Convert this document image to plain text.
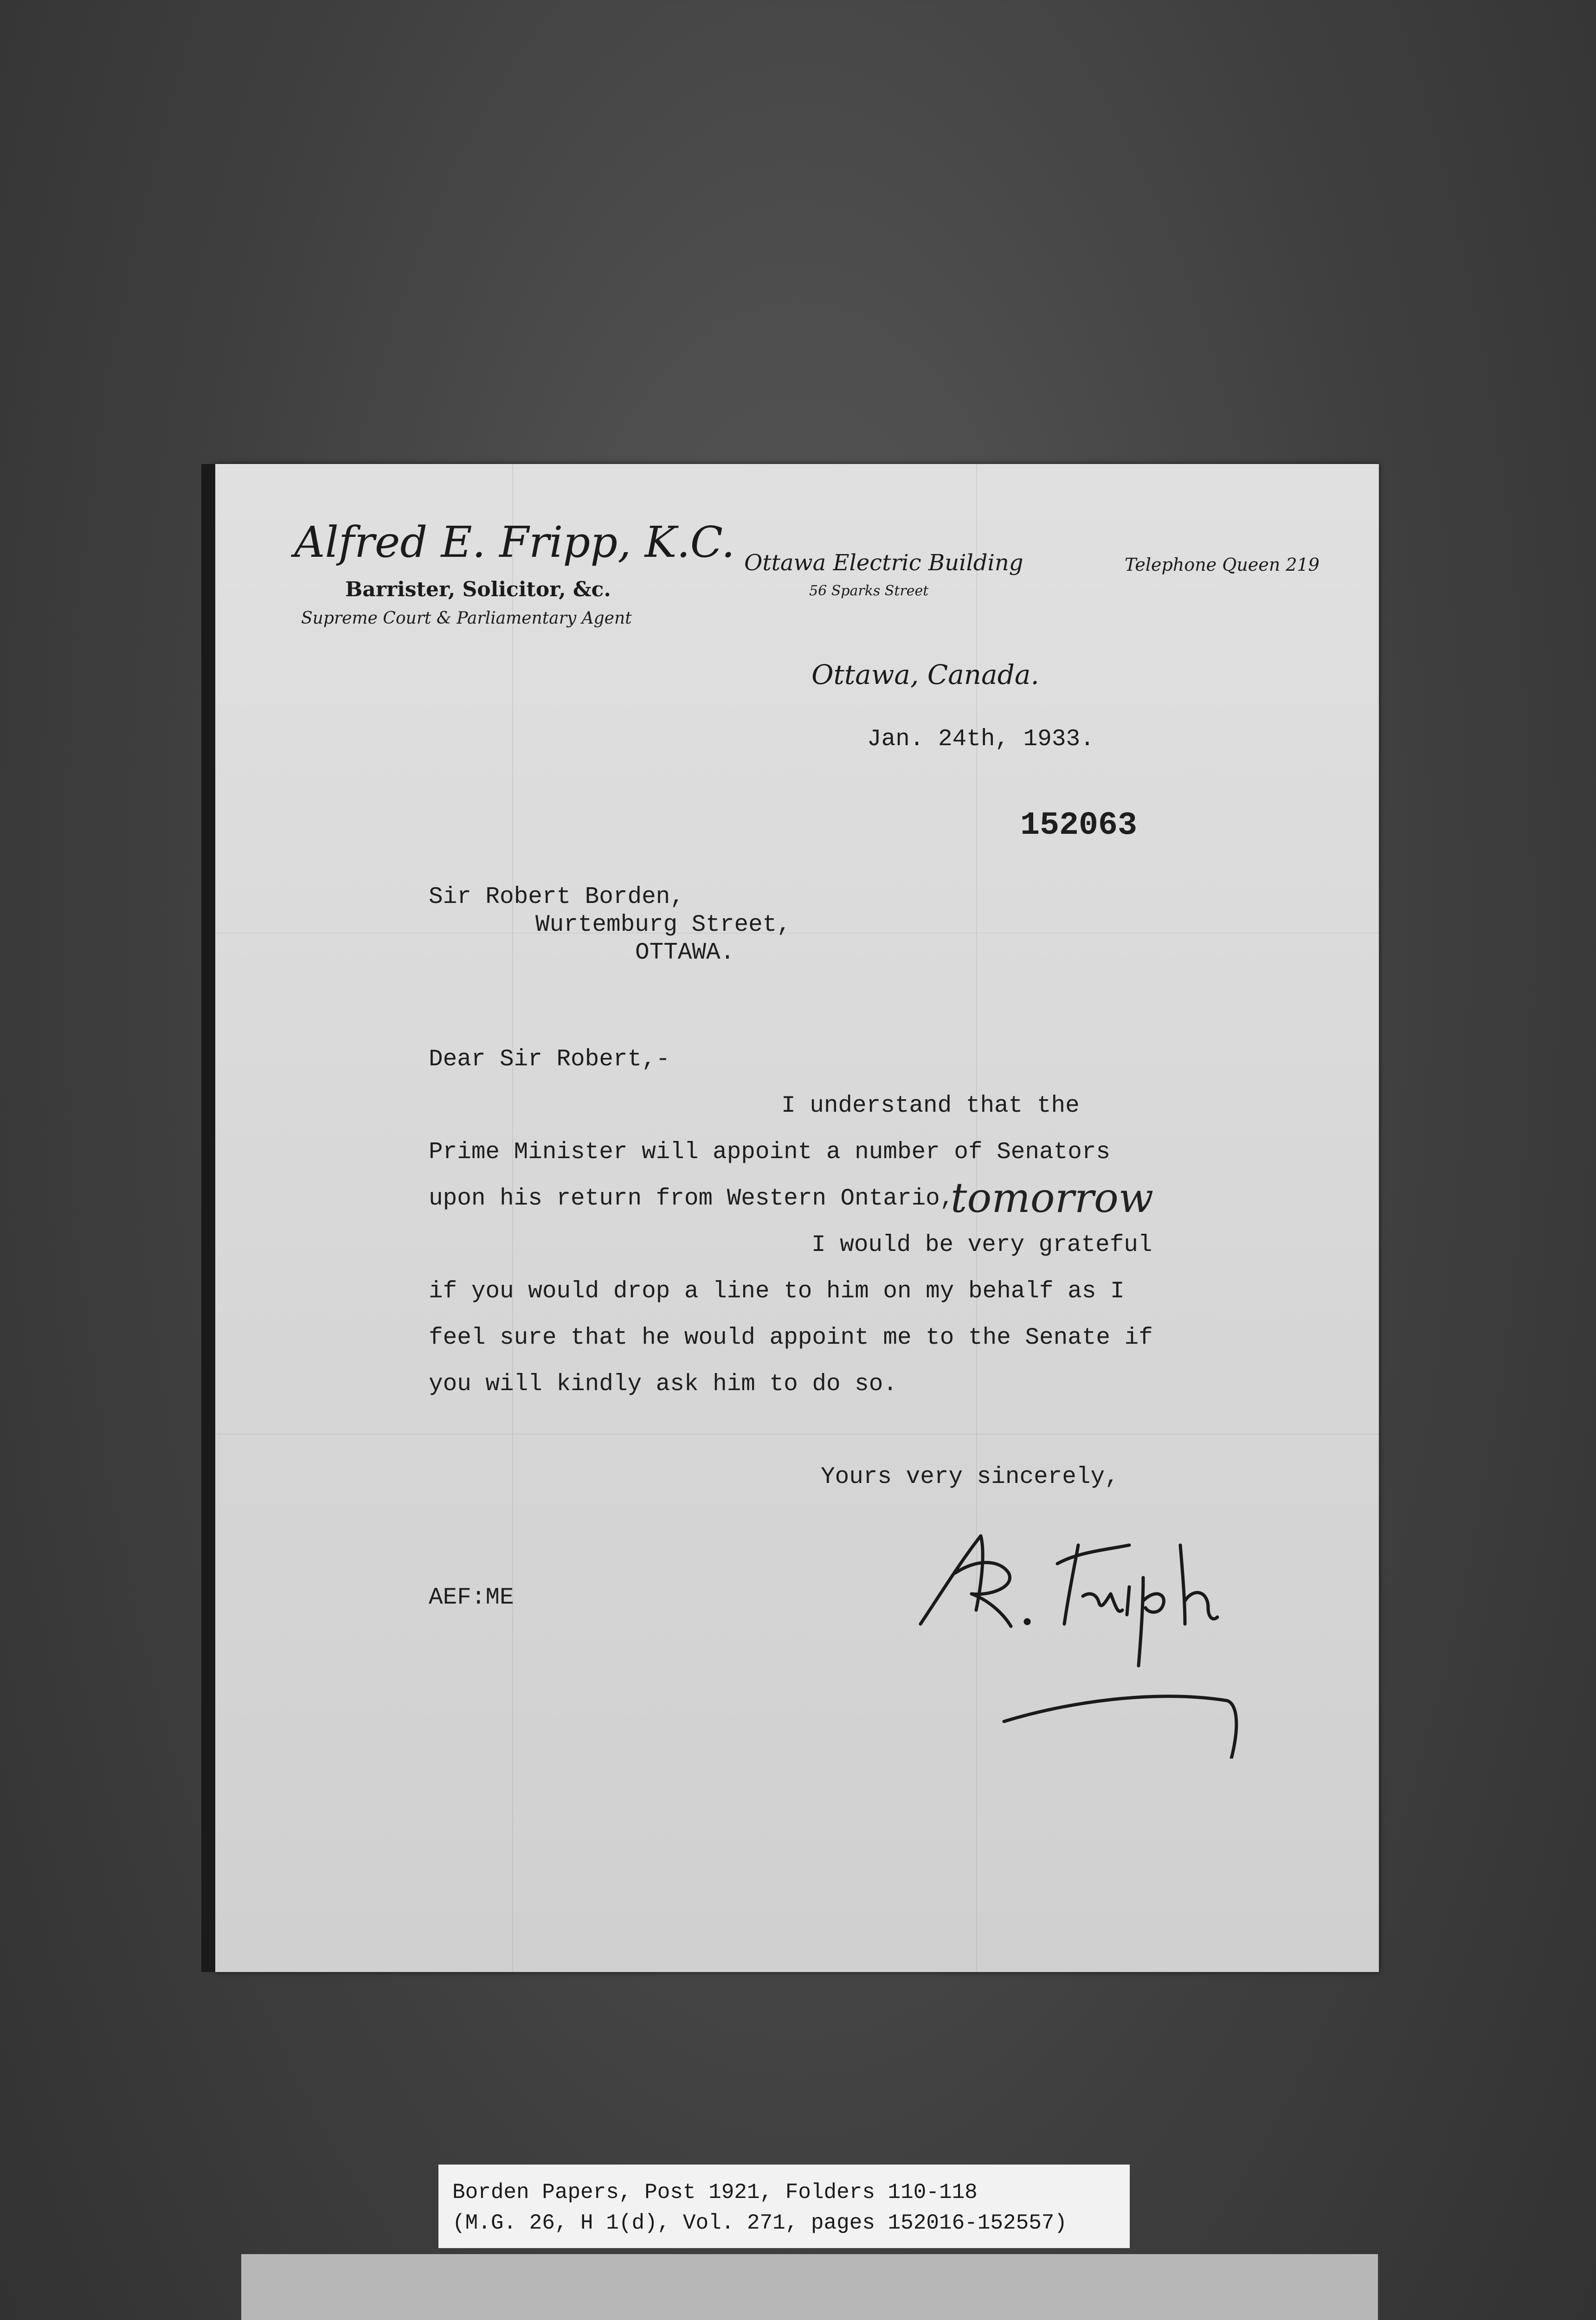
Alfred E. Fripp, K.C.
Barrister, Solicitor, &c.
Supreme Court & Parliamentary Agent
Ottawa Electric Building
56 Sparks Street
Telephone Queen 219
Ottawa, Canada.
Jan. 24th, 1933.
152063
Sir Robert Borden,
Wurtemburg Street,
OTTAWA.
Dear Sir Robert,-
I understand that the
Prime Minister will appoint a number of Senators
upon his return from Western Ontario,
tomorrow
I would be very grateful
if you would drop a line to him on my behalf as I
feel sure that he would appoint me to the Senate if
you will kindly ask him to do so.
Yours very sincerely,
AEF:ME
Borden Papers, Post 1921, Folders 110-118
(M.G. 26, H 1(d), Vol. 271, pages 152016-152557)
